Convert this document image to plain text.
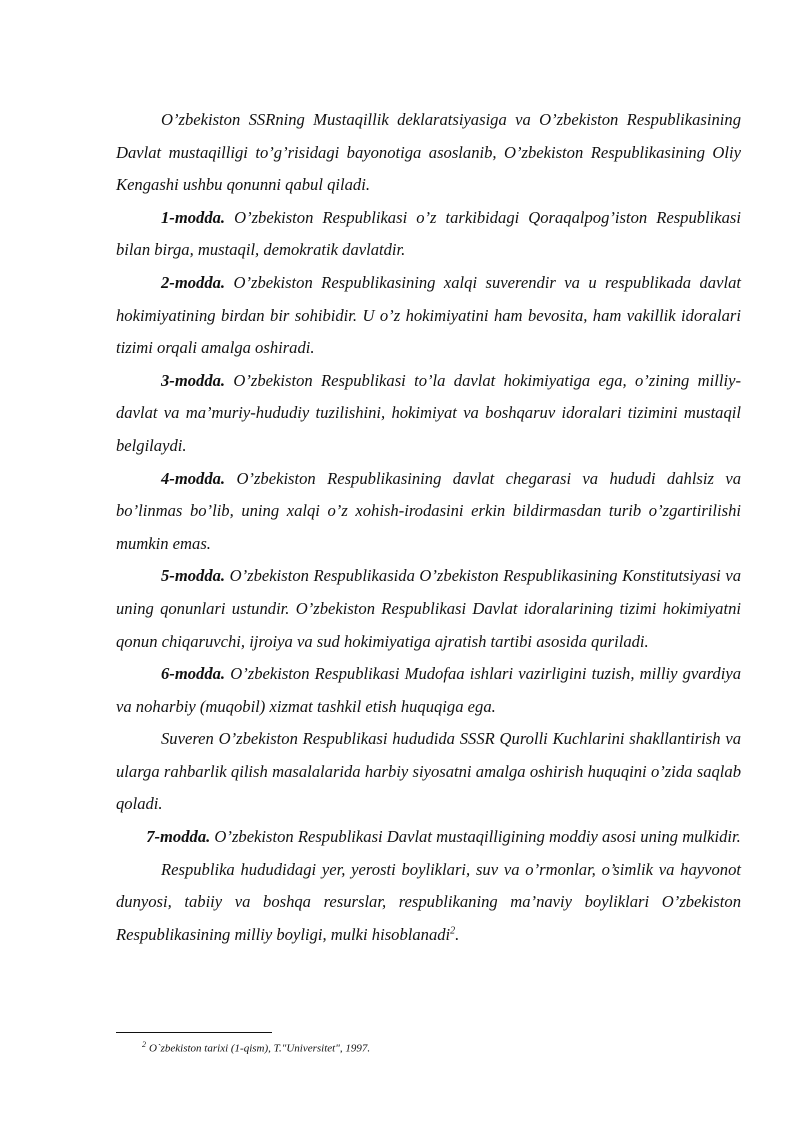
O’zbekiston SSRning Mustaqillik deklaratsiyasiga va O’zbekiston Respublikasining Davlat mustaqilligi to’g’risidagi bayonotiga asoslanib, O’zbekiston Respublikasining Oliy Kengashi ushbu qonunni qabul qiladi.

1-modda. O’zbekiston Respublikasi o’z tarkibidagi Qoraqalpog’iston Respublikasi bilan birga, mustaqil, demokratik davlatdir.

2-modda. O’zbekiston Respublikasining xalqi suverendir va u respublikada davlat hokimiyatining birdan bir sohibidir. U o’z hokimiyatini ham bevosita, ham vakillik idoralari tizimi orqali amalga oshiradi.

3-modda. O’zbekiston Respublikasi to’la davlat hokimiyatiga ega, o’zining milliy-davlat va ma’muriy-hududiy tuzilishini, hokimiyat va boshqaruv idoralari tizimini mustaqil belgilaydi.

4-modda. O’zbekiston Respublikasining davlat chegarasi va hududi dahlsiz va bo’linmas bo’lib, uning xalqi o’z xohish-irodasini erkin bildirmasdan turib o’zgartirilishi mumkin emas.

5-modda. O’zbekiston Respublikasida O’zbekiston Respublikasining Konstitutsiyasi va uning qonunlari ustundir. O’zbekiston Respublikasi Davlat idoralarining tizimi hokimiyatni qonun chiqaruvchi, ijroiya va sud hokimiyatiga ajratish tartibi asosida quriladi.

6-modda. O’zbekiston Respublikasi Mudofaa ishlari vazirligini tuzish, milliy gvardiya va noharbiy (muqobil) xizmat tashkil etish huquqiga ega.

Suveren O’zbekiston Respublikasi hududida SSSR Qurolli Kuchlarini shakllantirish va ularga rahbarlik qilish masalalarida harbiy siyosatni amalga oshirish huquqini o’zida saqlab qoladi.

7-modda. O’zbekiston Respublikasi Davlat mustaqilligining moddiy asosi uning mulkidir.

Respublika hududidagi yer, yerosti boyliklari, suv va o’rmonlar, o’simlik va hayvonot dunyosi, tabiiy va boshqa resurslar, respublikaning ma’naviy boyliklari O’zbekiston Respublikasining milliy boyligi, mulki hisoblanadi$^2$.

$^2$ O`zbekiston tarixi (1-qism), T."Universitet", 1997.
